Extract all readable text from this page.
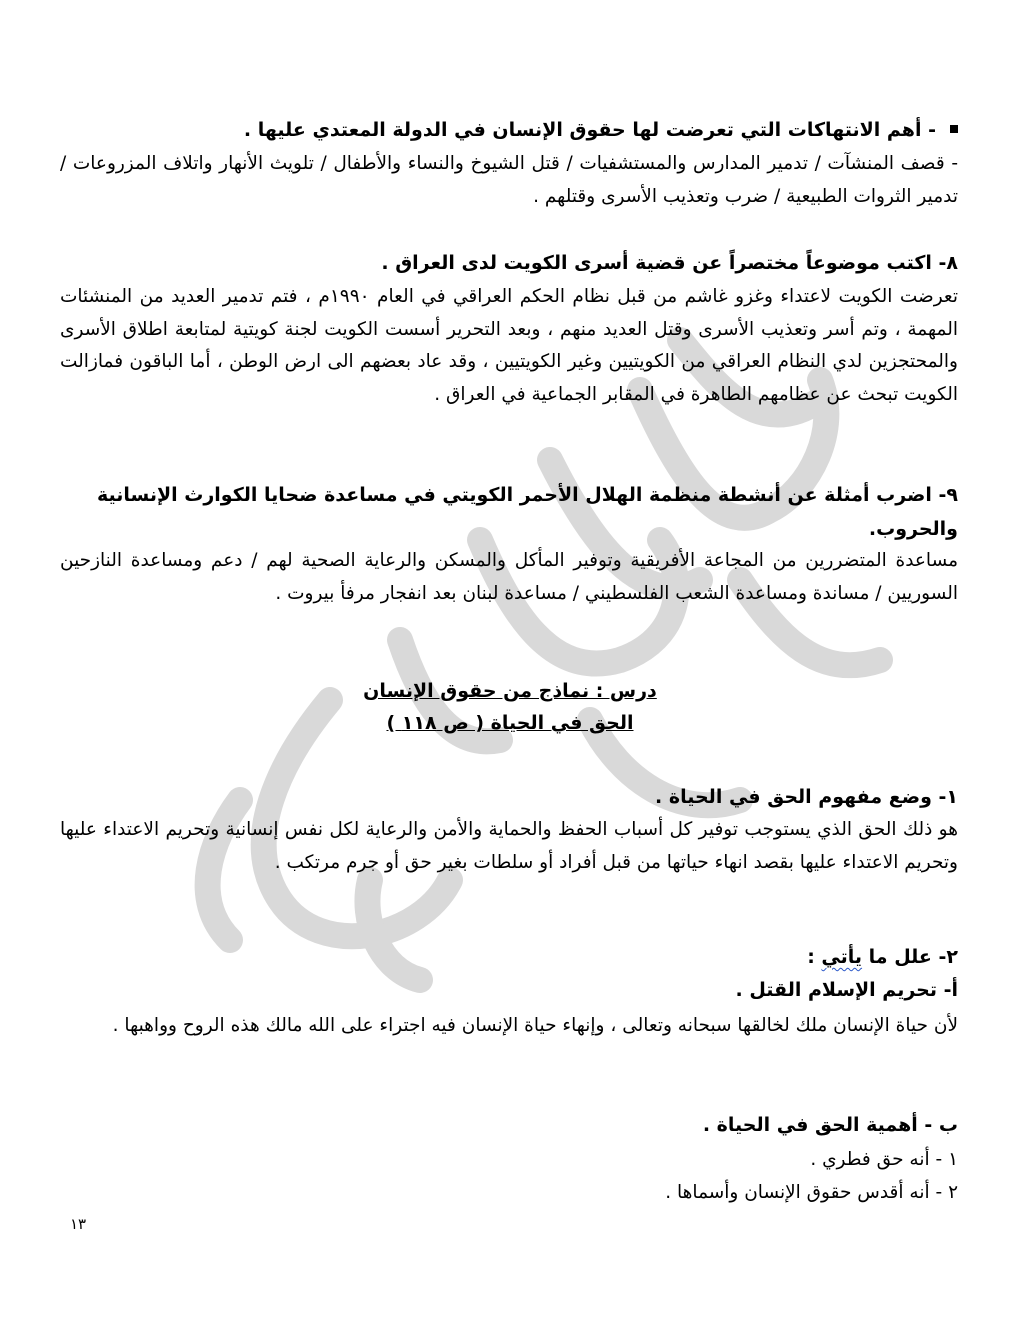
- أهم الانتهاكات التي تعرضت لها حقوق الإنسان في الدولة المعتدي عليها .
- قصف المنشآت / تدمير المدارس والمستشفيات / قتل الشيوخ والنساء والأطفال / تلويث الأنهار واتلاف المزروعات / تدمير الثروات الطبيعية / ضرب وتعذيب الأسرى وقتلهم .
٨- اكتب موضوعاً مختصراً عن قضية أسرى الكويت لدى العراق .
تعرضت الكويت لاعتداء وغزو غاشم من قبل نظام الحكم العراقي في العام ١٩٩٠م ، فتم تدمير العديد من المنشئات المهمة ، وتم أسر وتعذيب الأسرى وقتل العديد منهم ، وبعد التحرير أسست الكويت لجنة كويتية لمتابعة اطلاق الأسرى والمحتجزين لدي النظام العراقي من الكويتيين وغير الكويتيين ، وقد عاد بعضهم الى ارض الوطن ، أما الباقون فمازالت الكويت تبحث عن عظامهم الطاهرة في المقابر الجماعية في العراق .
٩- اضرب أمثلة عن أنشطة منظمة الهلال الأحمر الكويتي في مساعدة ضحايا الكوارث الإنسانية والحروب.
مساعدة المتضررين من المجاعة الأفريقية وتوفير المأكل والمسكن والرعاية الصحية لهم / دعم ومساعدة النازحين السوريين / مساندة ومساعدة الشعب الفلسطيني / مساعدة لبنان بعد انفجار مرفأ بيروت .
درس : نماذج من حقوق الإنسان
الحق في الحياة ( ص ١١٨ )
١- وضع مفهوم الحق في الحياة .
هو ذلك الحق الذي يستوجب توفير كل أسباب الحفظ والحماية والأمن والرعاية لكل نفس إنسانية وتحريم الاعتداء عليها وتحريم الاعتداء عليها بقصد انهاء حياتها من قبل أفراد أو سلطات بغير حق أو جرم مرتكب .
٢- علل ما يأتي :
أ- تحريم الإسلام القتل .
لأن حياة الإنسان ملك لخالقها سبحانه وتعالى ، وإنهاء حياة الإنسان فيه اجتراء على الله مالك هذه الروح وواهبها .
ب - أهمية الحق في الحياة .
١ - أنه حق فطري .
٢ - أنه أقدس حقوق الإنسان وأسماها .
١٣
